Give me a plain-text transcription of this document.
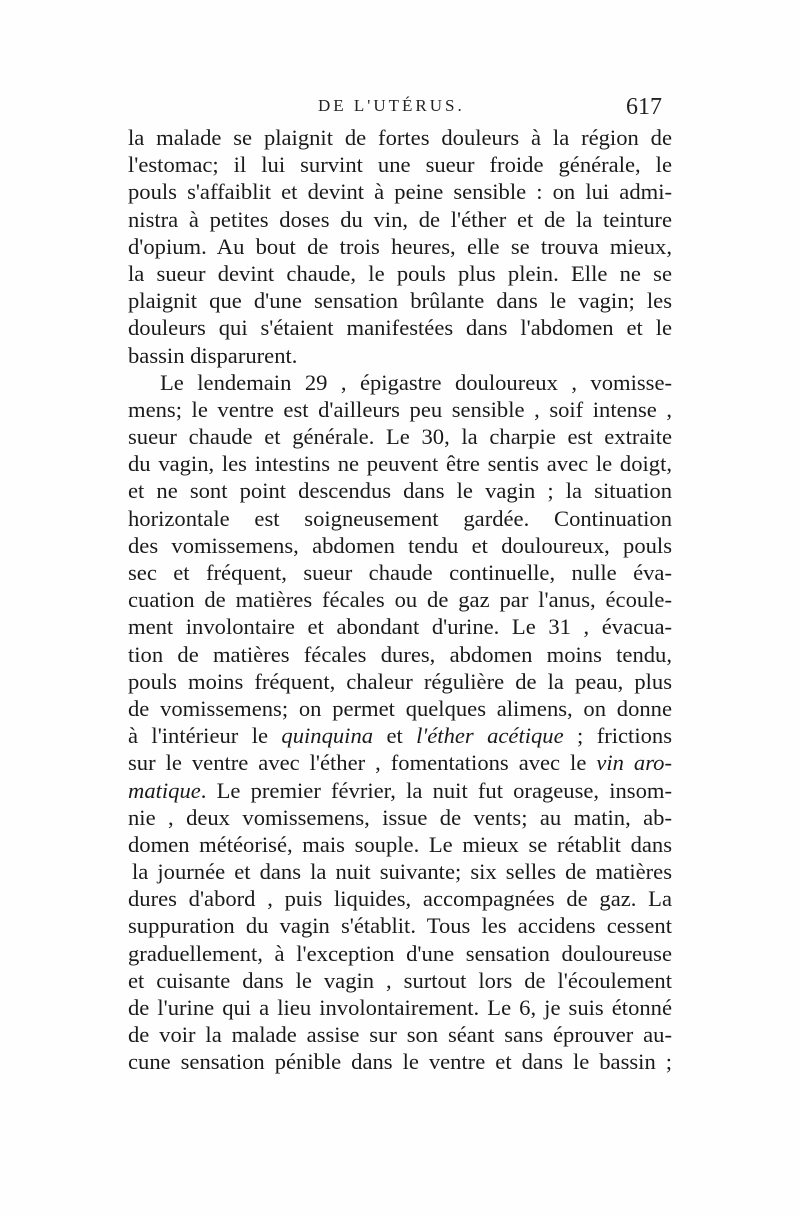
DE L'UTÉRUS.	617
la malade se plaignit de fortes douleurs à la région de
l'estomac; il lui survint une sueur froide générale, le
pouls s'affaiblit et devint à peine sensible : on lui admi-
nistra à petites doses du vin, de l'éther et de la teinture
d'opium. Au bout de trois heures, elle se trouva mieux,
la sueur devint chaude, le pouls plus plein. Elle ne se
plaignit que d'une sensation brûlante dans le vagin; les
douleurs qui s'étaient manifestées dans l'abdomen et le
bassin disparurent.
Le lendemain 29 , épigastre douloureux , vomisse-
mens; le ventre est d'ailleurs peu sensible , soif intense ,
sueur chaude et générale. Le 30, la charpie est extraite
du vagin, les intestins ne peuvent être sentis avec le doigt,
et ne sont point descendus dans le vagin ; la situation
horizontale est soigneusement gardée. Continuation
des vomissemens, abdomen tendu et douloureux, pouls
sec et fréquent, sueur chaude continuelle, nulle éva-
cuation de matières fécales ou de gaz par l'anus, écoule-
ment involontaire et abondant d'urine. Le 31 , évacua-
tion de matières fécales dures, abdomen moins tendu,
pouls moins fréquent, chaleur régulière de la peau, plus
de vomissemens; on permet quelques alimens, on donne
à l'intérieur le quinquina et l'éther acétique ; frictions
sur le ventre avec l'éther , fomentations avec le vin aro-
matique. Le premier février, la nuit fut orageuse, insom-
nie , deux vomissemens, issue de vents; au matin, ab-
domen météorisé, mais souple. Le mieux se rétablit dans
la journée et dans la nuit suivante; six selles de matières
dures d'abord , puis liquides, accompagnées de gaz. La
suppuration du vagin s'établit. Tous les accidens cessent
graduellement, à l'exception d'une sensation douloureuse
et cuisante dans le vagin , surtout lors de l'écoulement
de l'urine qui a lieu involontairement. Le 6, je suis étonné
de voir la malade assise sur son séant sans éprouver au-
cune sensation pénible dans le ventre et dans le bassin ;
